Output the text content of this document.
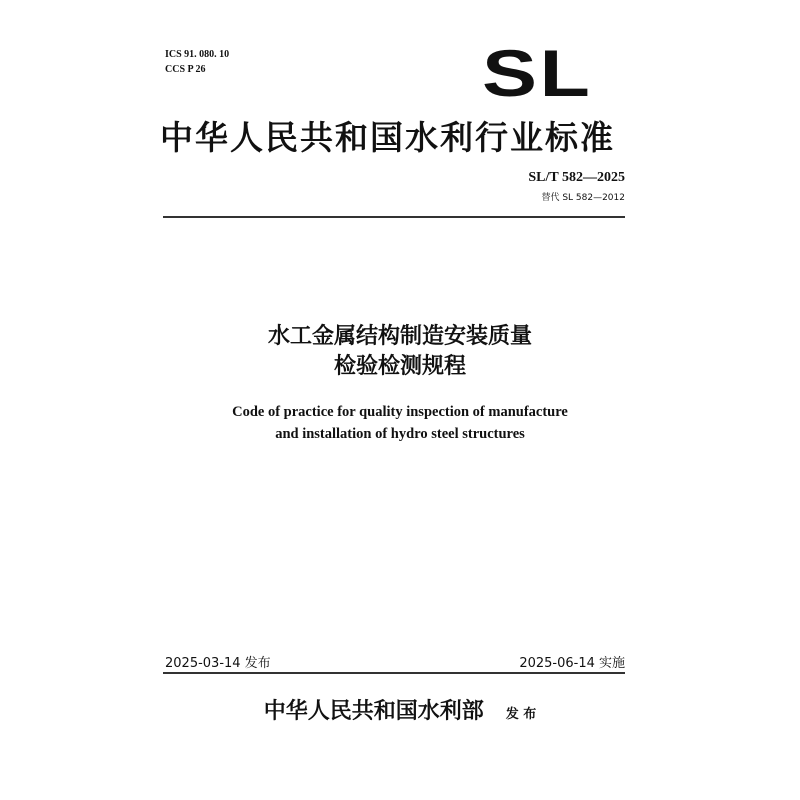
ICS 91. 080. 10
CCS P 26	SL
中华人民共和国水利行业标准
SL/T 582—2025
替代 SL 582—2012
水工金属结构制造安装质量
检验检测规程
Code of practice for quality inspection of manufacture
and installation of hydro steel structures
2025-03-14 发布	2025-06-14 实施
中华人民共和国水利部 发 布
